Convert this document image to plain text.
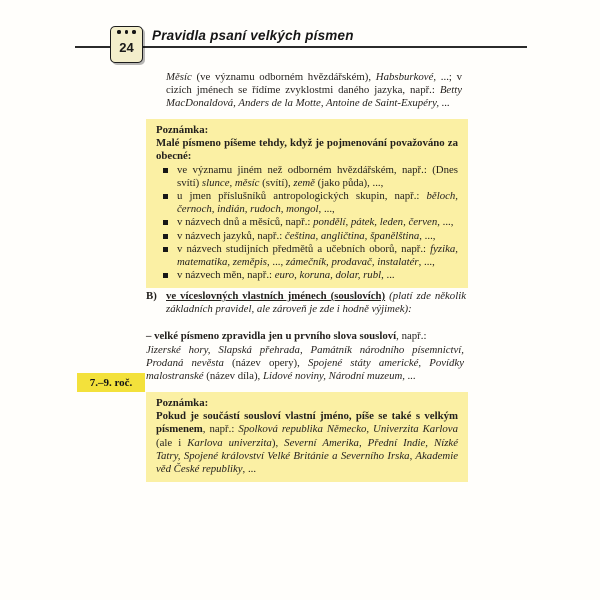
24
Pravidla psaní velkých písmen
Měsíc (ve významu odborném hvězdářském), Habsburkové, ...; v cizích jménech se řídíme zvyklostmi daného jazyka, např.: Betty MacDonaldová, Anders de la Motte, Antoine de Saint-Exupéry, ...
Poznámka:
Malé písmeno píšeme tehdy, když je pojmenování považováno za obecné:
ve významu jiném než odborném hvězdářském, např.: (Dnes svítí) slunce, měsíc (svítí), země (jako půda), ...,
u jmen příslušníků antropologických skupin, např.: běloch, černoch, indián, rudoch, mongol, ...,
v názvech dnů a měsíců, např.: pondělí, pátek, leden, červen, ...,
v názvech jazyků, např.: čeština, angličtina, španělština, ...,
v názvech studijních předmětů a učebních oborů, např.: fyzika, matematika, zeměpis, ..., zámečník, prodavač, instalatér, ...,
v názvech měn, např.: euro, koruna, dolar, rubl, ...
B) ve víceslovných vlastních jménech (souslovích) (platí zde několik základních pravidel, ale zároveň je zde i hodně výjimek):
– velké písmeno zpravidla jen u prvního slova sousloví, např.:
Jizerské hory, Slapská přehrada, Památník národního písemnictví, Prodaná nevěsta (název opery), Spojené státy americké, Povídky malostranské (název díla), Lidové noviny, Národní muzeum, ...
7.–9. roč.
Poznámka:
Pokud je součástí sousloví vlastní jméno, píše se také s velkým písmenem, např.: Spolková republika Německo, Univerzita Karlova (ale i Karlova univerzita), Severní Amerika, Přední Indie, Nízké Tatry, Spojené království Velké Británie a Severního Irska, Akademie věd České republiky, ...
